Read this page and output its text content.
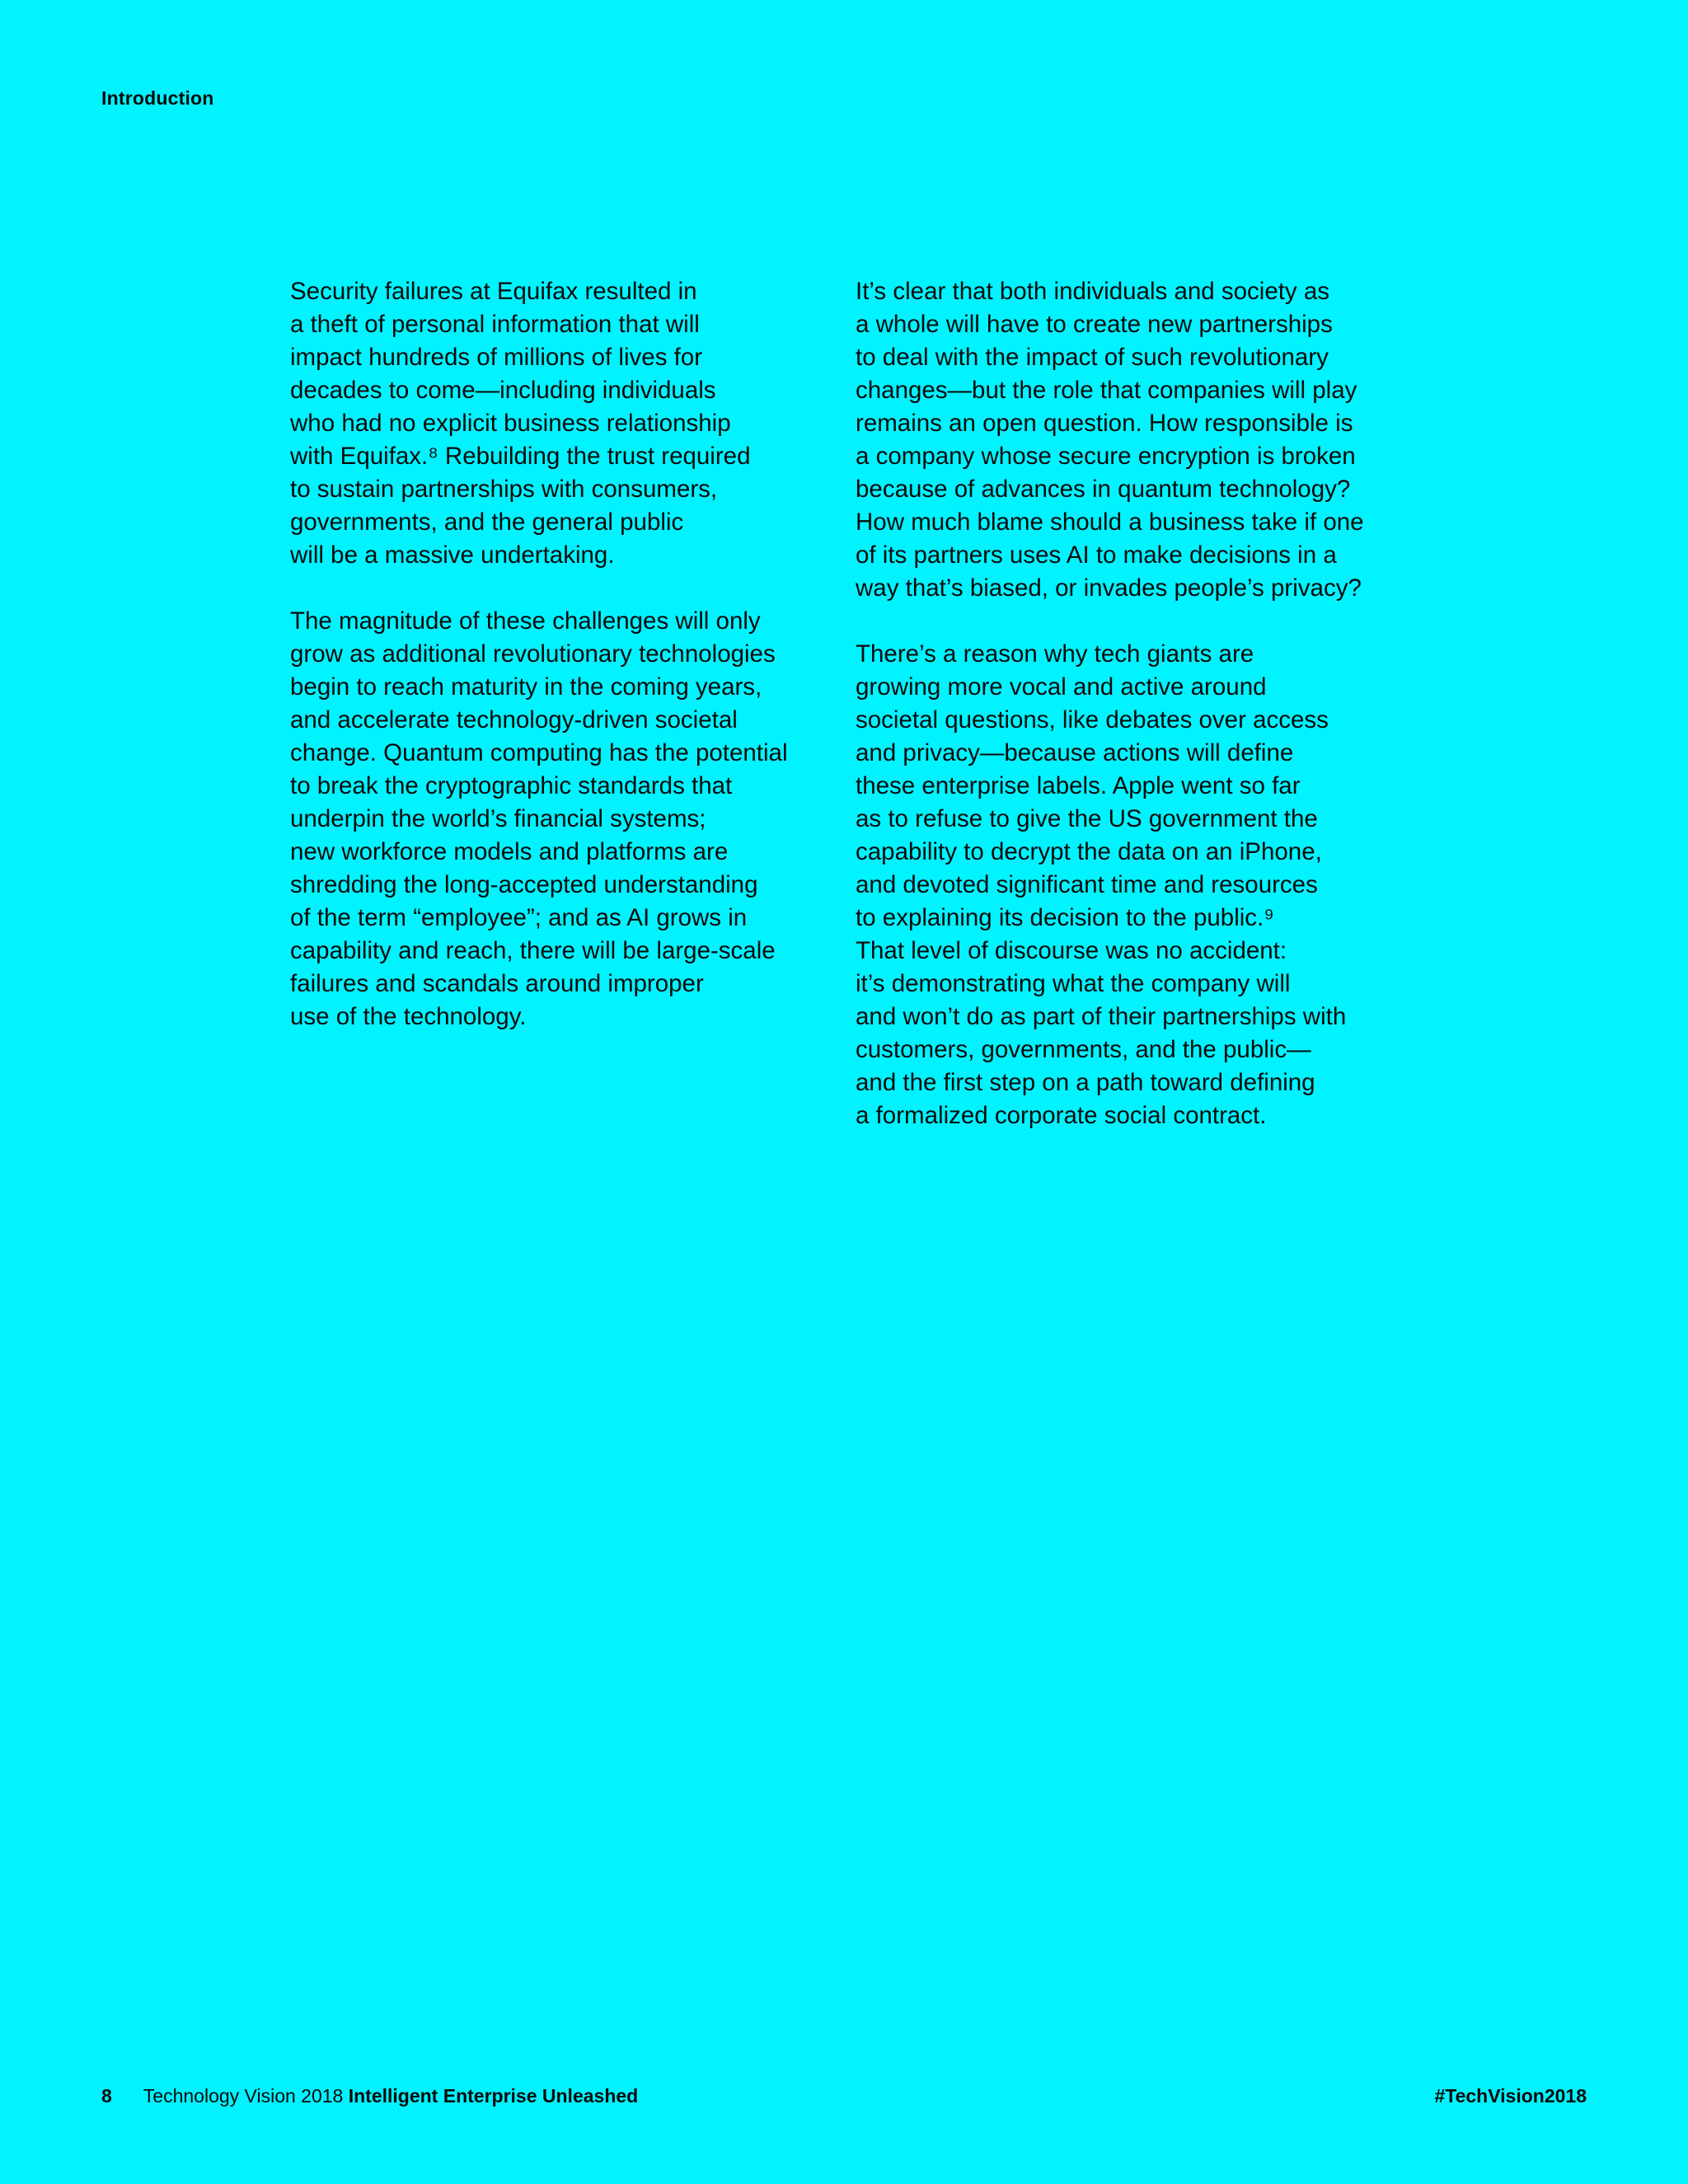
Introduction

Security failures at Equifax resulted in
a theft of personal information that will
impact hundreds of millions of lives for
decades to come—including individuals
who had no explicit business relationship
with Equifax.⁸ Rebuilding the trust required
to sustain partnerships with consumers,
governments, and the general public
will be a massive undertaking.

The magnitude of these challenges will only
grow as additional revolutionary technologies
begin to reach maturity in the coming years,
and accelerate technology-driven societal
change. Quantum computing has the potential
to break the cryptographic standards that
underpin the world’s financial systems;
new workforce models and platforms are
shredding the long-accepted understanding
of the term “employee”; and as AI grows in
capability and reach, there will be large-scale
failures and scandals around improper
use of the technology.

It’s clear that both individuals and society as
a whole will have to create new partnerships
to deal with the impact of such revolutionary
changes—but the role that companies will play
remains an open question. How responsible is
a company whose secure encryption is broken
because of advances in quantum technology?
How much blame should a business take if one
of its partners uses AI to make decisions in a
way that’s biased, or invades people’s privacy?

There’s a reason why tech giants are
growing more vocal and active around
societal questions, like debates over access
and privacy—because actions will define
these enterprise labels. Apple went so far
as to refuse to give the US government the
capability to decrypt the data on an iPhone,
and devoted significant time and resources
to explaining its decision to the public.⁹
That level of discourse was no accident:
it’s demonstrating what the company will
and won’t do as part of their partnerships with
customers, governments, and the public—
and the first step on a path toward defining
a formalized corporate social contract.

8 Technology Vision 2018 Intelligent Enterprise Unleashed	#TechVision2018
